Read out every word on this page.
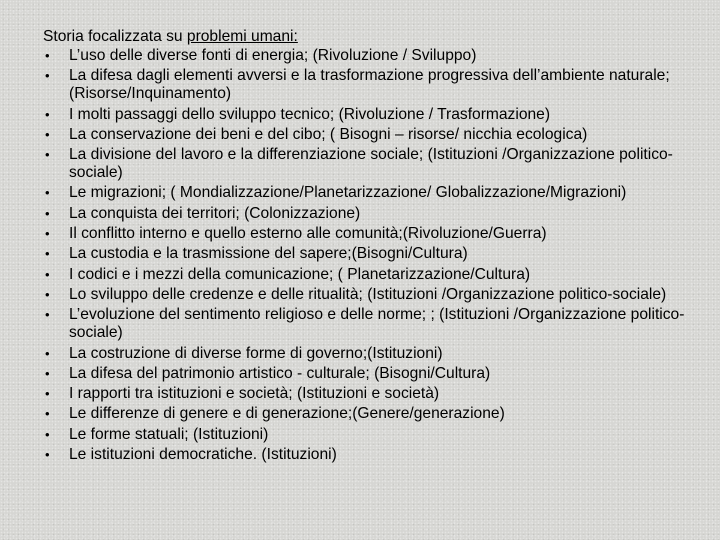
Storia focalizzata su problemi umani:
• L’uso delle diverse fonti di energia; (Rivoluzione / Sviluppo)
• La difesa dagli elementi avversi e la trasformazione progressiva dell’ambiente naturale; (Risorse/Inquinamento)
• I molti passaggi dello sviluppo tecnico; (Rivoluzione / Trasformazione)
• La conservazione dei beni e del cibo; ( Bisogni – risorse/ nicchia ecologica)
• La divisione del lavoro e la differenziazione sociale; (Istituzioni /Organizzazione politico-sociale)
• Le migrazioni; ( Mondializzazione/Planetarizzazione/ Globalizzazione/Migrazioni)
• La conquista dei territori; (Colonizzazione)
• Il conflitto interno e quello esterno alle comunità;(Rivoluzione/Guerra)
• La custodia e la trasmissione del sapere;(Bisogni/Cultura)
• I codici e i mezzi della comunicazione; ( Planetarizzazione/Cultura)
• Lo sviluppo delle credenze e delle ritualità; (Istituzioni /Organizzazione politico-sociale)
• L’evoluzione del sentimento religioso e delle norme; ; (Istituzioni /Organizzazione politico-sociale)
• La costruzione di diverse forme di governo;(Istituzioni)
• La difesa del patrimonio artistico - culturale; (Bisogni/Cultura)
• I rapporti tra istituzioni e società; (Istituzioni e società)
• Le differenze di genere e di generazione;(Genere/generazione)
• Le forme statuali; (Istituzioni)
• Le istituzioni democratiche. (Istituzioni)
